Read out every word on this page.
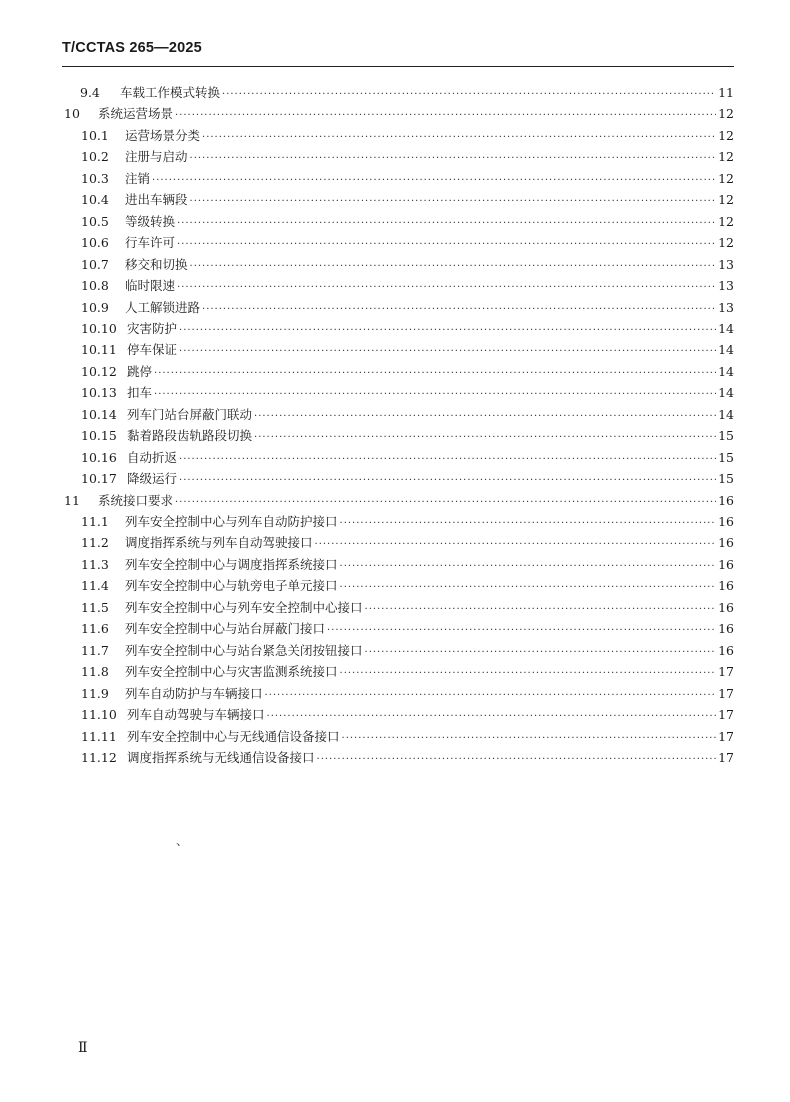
T/CCTAS 265—2025
9.4	车载工作模式转换 ·····	11
10	系统运营场景 ·····	12
10.1	运营场景分类 ·····	12
10.2	注册与启动 ·····	12
10.3	注销 ·····	12
10.4	进出车辆段 ·····	12
10.5	等级转换 ·····	12
10.6	行车许可 ·····	12
10.7	移交和切换 ·····	13
10.8	临时限速 ·····	13
10.9	人工解锁进路 ·····	13
10.10 灾害防护 ·····	14
10.11 停车保证 ·····	14
10.12 跳停 ·····	14
10.13 扣车 ·····	14
10.14 列车门站台屏蔽门联动 ·····	14
10.15 黏着路段齿轨路段切换 ·····	15
10.16 自动折返 ·····	15
10.17 降级运行 ·····	15
11	系统接口要求 ·····	16
11.1	列车安全控制中心与列车自动防护接口 ·····	16
11.2	调度指挥系统与列车自动驾驶接口 ·····	16
11.3	列车安全控制中心与调度指挥系统接口 ·····	16
11.4	列车安全控制中心与轨旁电子单元接口 ·····	16
11.5	列车安全控制中心与列车安全控制中心接口 ·····	16
11.6	列车安全控制中心与站台屏蔽门接口 ·····	16
11.7	列车安全控制中心与站台紧急关闭按钮接口 ·····	16
11.8	列车安全控制中心与灾害监测系统接口 ·····	17
11.9	列车自动防护与车辆接口 ·····	17
11.10 列车自动驾驶与车辆接口 ·····	17
11.11 列车安全控制中心与无线通信设备接口 ·····	17
11.12 调度指挥系统与无线通信设备接口 ·····	17
、
Ⅱ
